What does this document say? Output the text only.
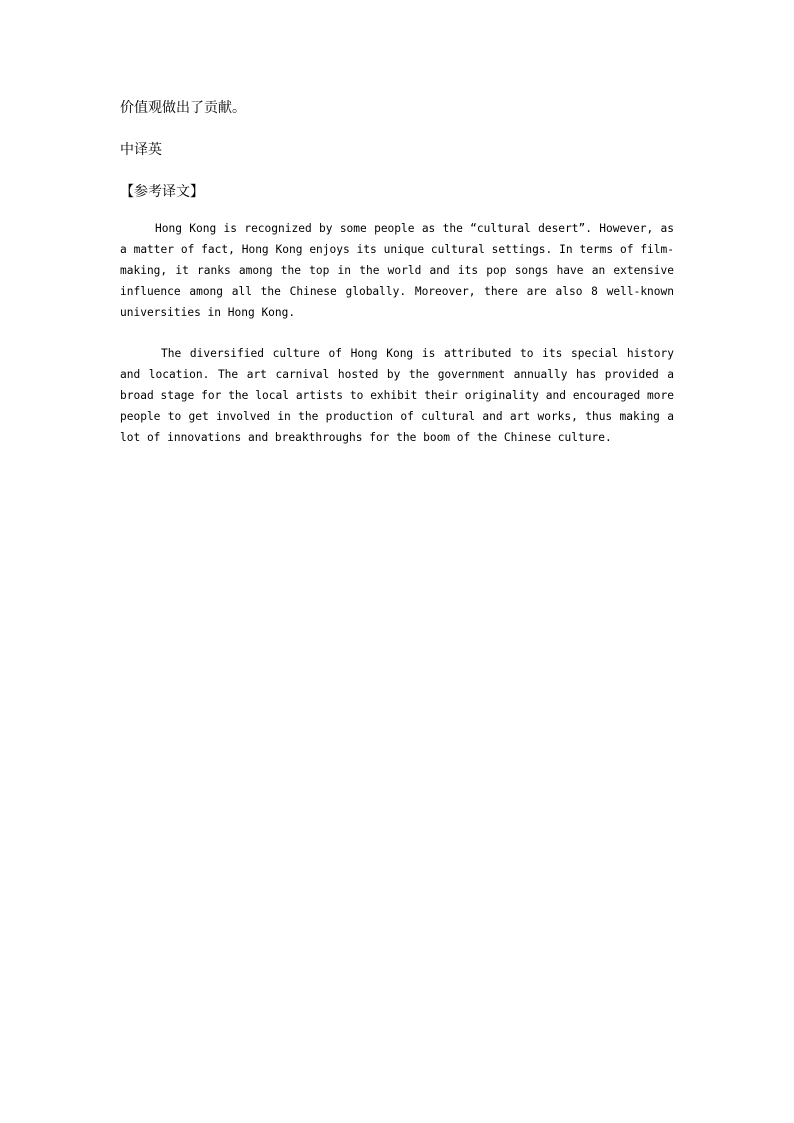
价值观做出了贡献。

中译英

【参考译文】

Hong Kong is recognized by some people as the “cultural desert”. However, as a matter of fact, Hong Kong enjoys its unique cultural settings. In terms of film-making, it ranks among the top in the world and its pop songs have an extensive influence among all the Chinese globally. Moreover, there are also 8 well-known universities in Hong Kong.

The diversified culture of Hong Kong is attributed to its special history and location. The art carnival hosted by the government annually has provided a broad stage for the local artists to exhibit their originality and encouraged more people to get involved in the production of cultural and art works, thus making a lot of innovations and breakthroughs for the boom of the Chinese culture.
